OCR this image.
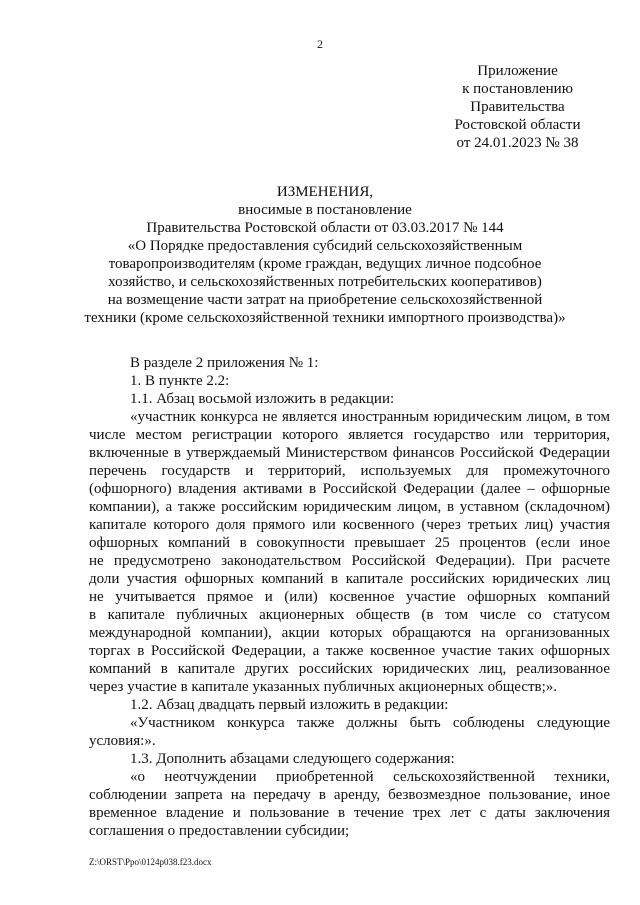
2
Приложение
к постановлению
Правительства
Ростовской области
от 24.01.2023 № 38
ИЗМЕНЕНИЯ,
вносимые в постановление
Правительства Ростовской области от 03.03.2017 № 144
«О Порядке предоставления субсидий сельскохозяйственным
товаропроизводителям (кроме граждан, ведущих личное подсобное
хозяйство, и сельскохозяйственных потребительских кооперативов)
на возмещение части затрат на приобретение сельскохозяйственной
техники (кроме сельскохозяйственной техники импортного производства)»
В разделе 2 приложения № 1:
1. В пункте 2.2:
1.1. Абзац восьмой изложить в редакции:
«участник конкурса не является иностранным юридическим лицом, в том
числе местом регистрации которого является государство или территория,
включенные в утверждаемый Министерством финансов Российской Федерации
перечень государств и территорий, используемых для промежуточного
(офшорного) владения активами в Российской Федерации (далее – офшорные
компании), а также российским юридическим лицом, в уставном (складочном)
капитале которого доля прямого или косвенного (через третьих лиц) участия
офшорных компаний в совокупности превышает 25 процентов (если иное
не предусмотрено законодательством Российской Федерации). При расчете
доли участия офшорных компаний в капитале российских юридических лиц
не учитывается прямое и (или) косвенное участие офшорных компаний
в капитале публичных акционерных обществ (в том числе со статусом
международной компании), акции которых обращаются на организованных
торгах в Российской Федерации, а также косвенное участие таких офшорных
компаний в капитале других российских юридических лиц, реализованное
через участие в капитале указанных публичных акционерных обществ;».
1.2. Абзац двадцать первый изложить в редакции:
«Участником конкурса также должны быть соблюдены следующие
условия:».
1.3. Дополнить абзацами следующего содержания:
«о неотчуждении приобретенной сельскохозяйственной техники,
соблюдении запрета на передачу в аренду, безвозмездное пользование, иное
временное владение и пользование в течение трех лет с даты заключения
соглашения о предоставлении субсидии;
Z:\ORST\Ppo\0124p038.f23.docx
